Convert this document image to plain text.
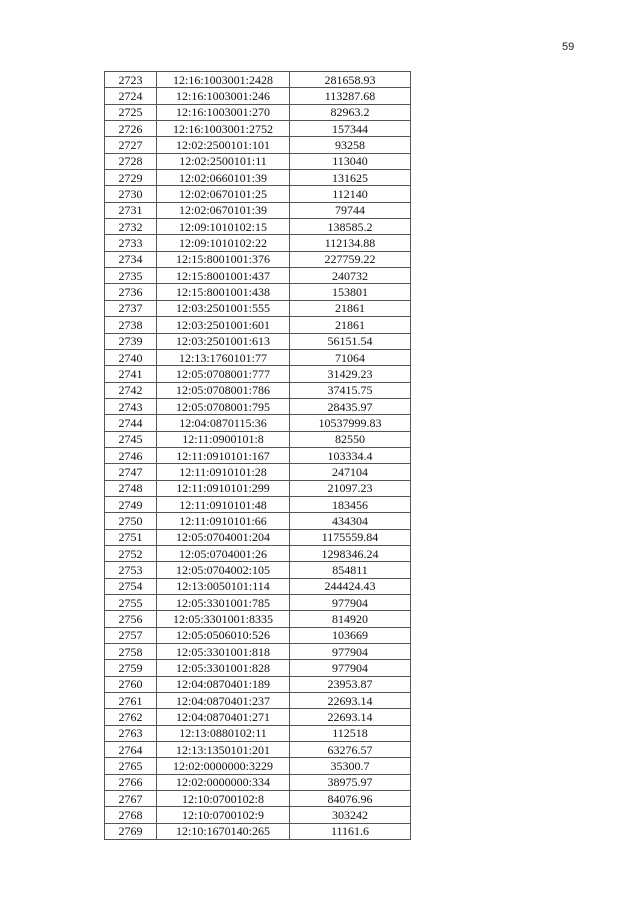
59
2723	12:16:1003001:2428	281658.93
2724	12:16:1003001:246	113287.68
2725	12:16:1003001:270	82963.2
2726	12:16:1003001:2752	157344
2727	12:02:2500101:101	93258
2728	12:02:2500101:11	113040
2729	12:02:0660101:39	131625
2730	12:02:0670101:25	112140
2731	12:02:0670101:39	79744
2732	12:09:1010102:15	138585.2
2733	12:09:1010102:22	112134.88
2734	12:15:8001001:376	227759.22
2735	12:15:8001001:437	240732
2736	12:15:8001001:438	153801
2737	12:03:2501001:555	21861
2738	12:03:2501001:601	21861
2739	12:03:2501001:613	56151.54
2740	12:13:1760101:77	71064
2741	12:05:0708001:777	31429.23
2742	12:05:0708001:786	37415.75
2743	12:05:0708001:795	28435.97
2744	12:04:0870115:36	10537999.83
2745	12:11:0900101:8	82550
2746	12:11:0910101:167	103334.4
2747	12:11:0910101:28	247104
2748	12:11:0910101:299	21097.23
2749	12:11:0910101:48	183456
2750	12:11:0910101:66	434304
2751	12:05:0704001:204	1175559.84
2752	12:05:0704001:26	1298346.24
2753	12:05:0704002:105	854811
2754	12:13:0050101:114	244424.43
2755	12:05:3301001:785	977904
2756	12:05:3301001:8335	814920
2757	12:05:0506010:526	103669
2758	12:05:3301001:818	977904
2759	12:05:3301001:828	977904
2760	12:04:0870401:189	23953.87
2761	12:04:0870401:237	22693.14
2762	12:04:0870401:271	22693.14
2763	12:13:0880102:11	112518
2764	12:13:1350101:201	63276.57
2765	12:02:0000000:3229	35300.7
2766	12:02:0000000:334	38975.97
2767	12:10:0700102:8	84076.96
2768	12:10:0700102:9	303242
2769	12:10:1670140:265	11161.6
